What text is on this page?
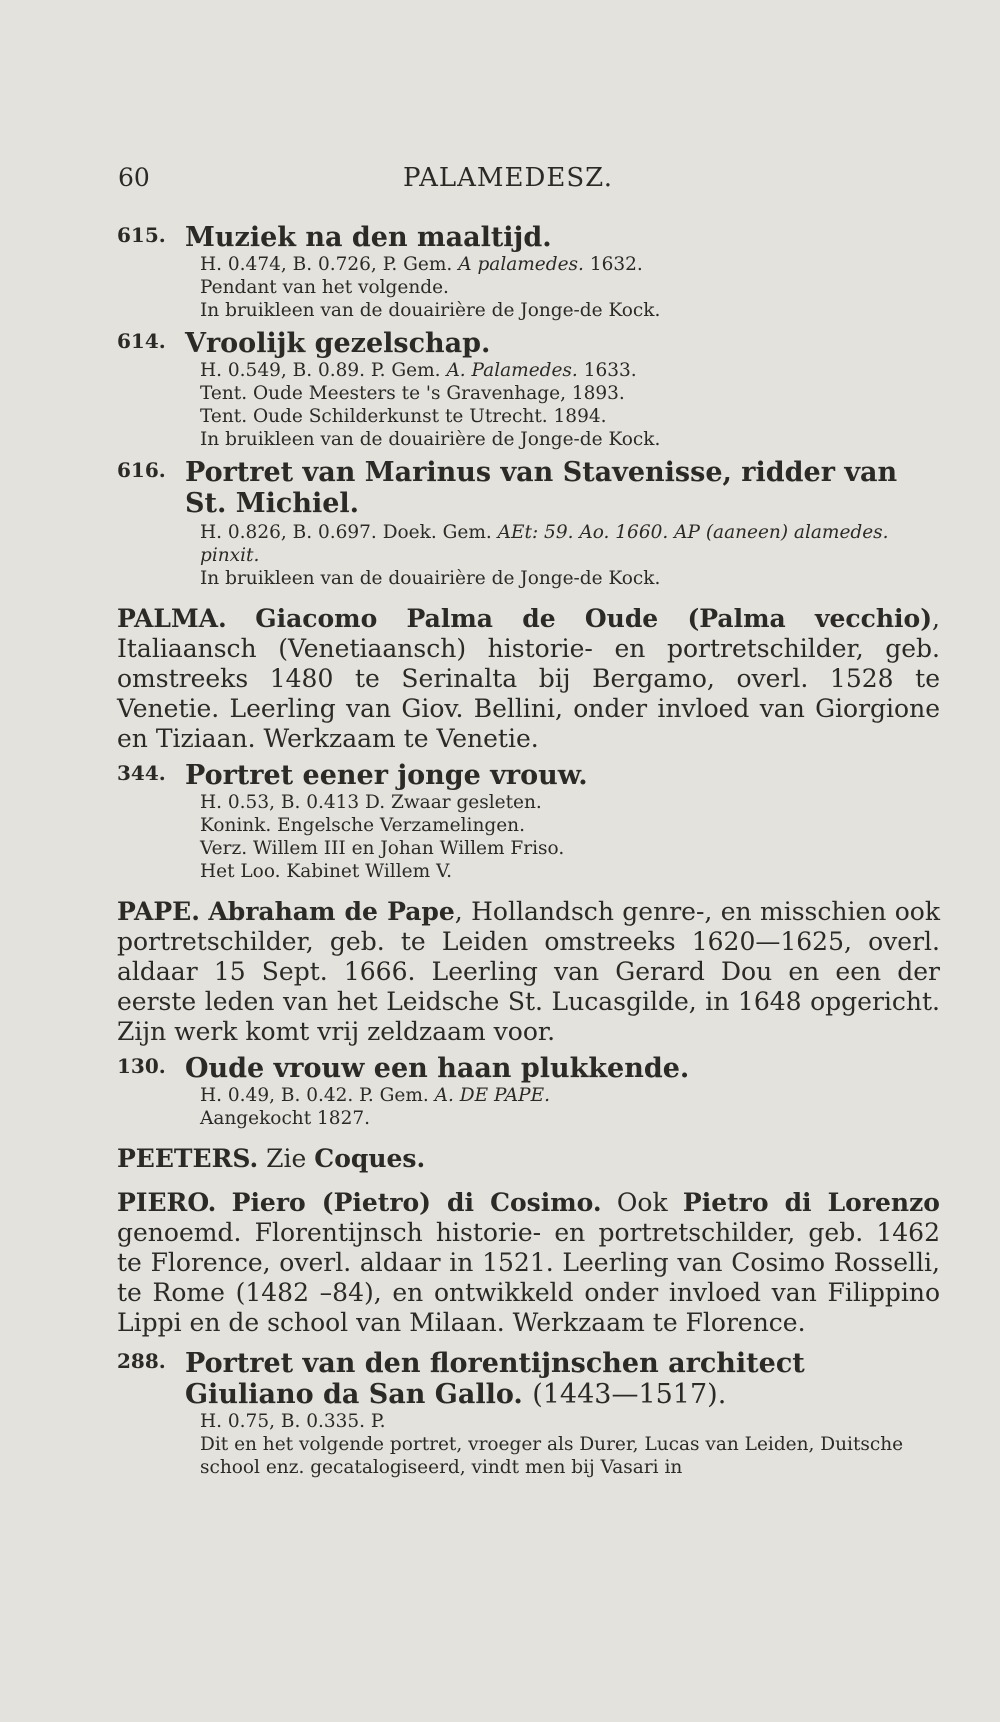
60	PALAMEDESZ.
615. Muziek na den maaltijd.
H. 0.474, B. 0.726, P. Gem. A palamedes. 1632.
Pendant van het volgende.
In bruikleen van de douairière de Jonge-de Kock.
614. Vroolijk gezelschap.
H. 0.549, B. 0.89. P. Gem. A. Palamedes. 1633.
Tent. Oude Meesters te 's Gravenhage, 1893.
Tent. Oude Schilderkunst te Utrecht. 1894.
In bruikleen van de douairière de Jonge-de Kock.
616. Portret van Marinus van Stavenisse, ridder van St. Michiel.
H. 0.826, B. 0.697. Doek. Gem. AEt: 59. Ao. 1660. AP (aaneen) alamedes. pinxit.
In bruikleen van de douairière de Jonge-de Kock.
PALMA. Giacomo Palma de Oude (Palma vecchio), Italiaansch (Venetiaansch) historie- en portretschilder, geb. omstreeks 1480 te Serinalta bij Bergamo, overl. 1528 te Venetie. Leerling van Giov. Bellini, onder invloed van Giorgione en Tiziaan. Werkzaam te Venetie.
344. Portret eener jonge vrouw.
H. 0.53, B. 0.413 D. Zwaar gesleten.
Konink. Engelsche Verzamelingen.
Verz. Willem III en Johan Willem Friso.
Het Loo. Kabinet Willem V.
PAPE. Abraham de Pape, Hollandsch genre-, en misschien ook portretschilder, geb. te Leiden omstreeks 1620—1625, overl. aldaar 15 Sept. 1666. Leerling van Gerard Dou en een der eerste leden van het Leidsche St. Lucasgilde, in 1648 opgericht. Zijn werk komt vrij zeldzaam voor.
130. Oude vrouw een haan plukkende.
H. 0.49, B. 0.42. P. Gem. A. DE PAPE.
Aangekocht 1827.
PEETERS. Zie Coques.
PIERO. Piero (Pietro) di Cosimo. Ook Pietro di Lorenzo genoemd. Florentijnsch historie- en portretschilder, geb. 1462 te Florence, overl. aldaar in 1521. Leerling van Cosimo Rosselli, te Rome (1482 –84), en ontwikkeld onder invloed van Filippino Lippi en de school van Milaan. Werkzaam te Florence.
288. Portret van den florentijnschen architect Giuliano da San Gallo. (1443—1517).
H. 0.75, B. 0.335. P.
Dit en het volgende portret, vroeger als Durer, Lucas van Leiden, Duitsche school enz. gecatalogiseerd, vindt men bij Vasari in
